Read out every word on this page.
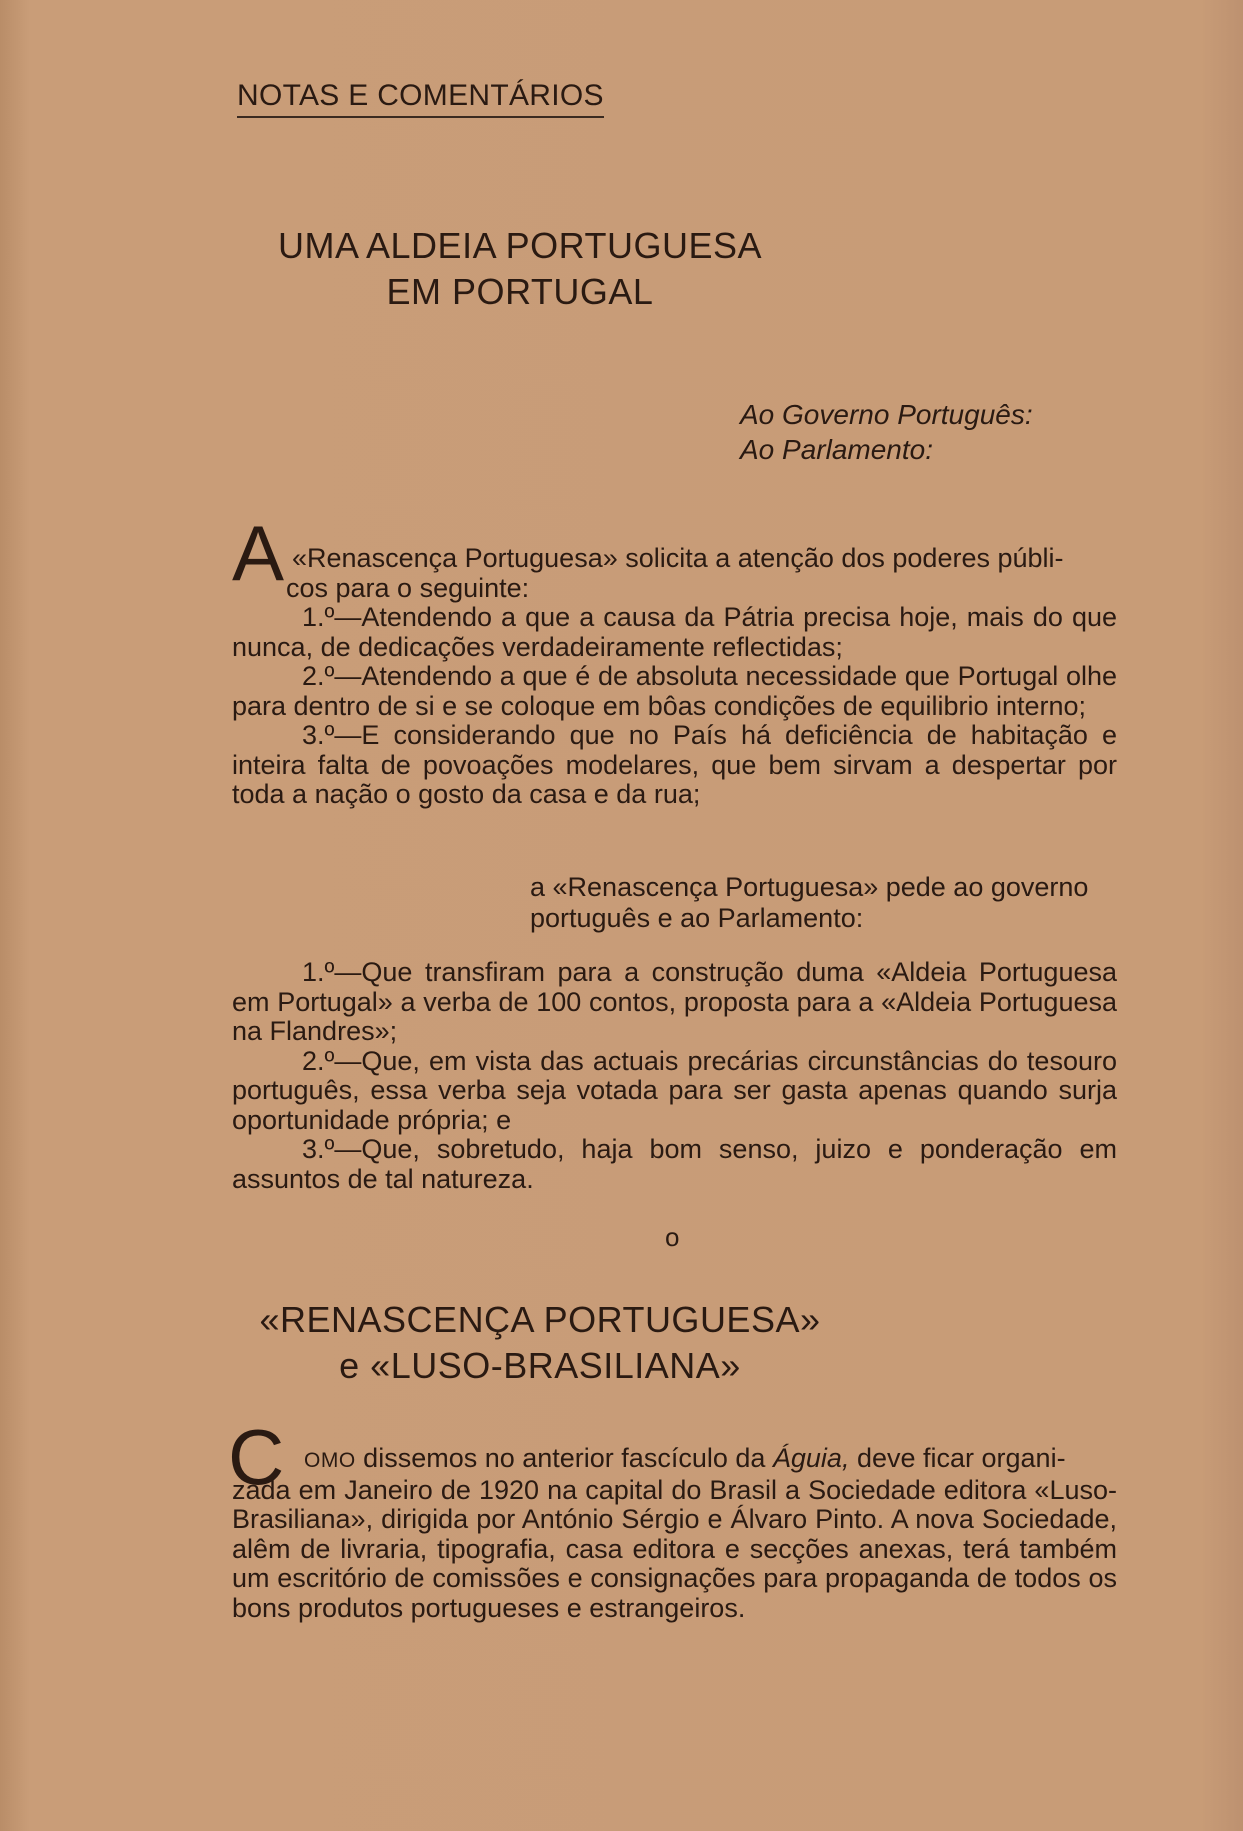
NOTAS E COMENTÁRIOS
UMA ALDEIA PORTUGUESA
EM PORTUGAL
Ao Governo Português:
Ao Parlamento:
A «Renascença Portuguesa» solicita a atenção dos poderes públi-

cos para o seguinte:

1.º—Atendendo a que a causa da Pátria precisa hoje, mais do que nunca, de dedicações verdadeiramente reflectidas;

2.º—Atendendo a que é de absoluta necessidade que Portugal olhe para dentro de si e se coloque em bôas condições de equilibrio interno;

3.º—E considerando que no País há deficiência de habitação e inteira falta de povoações modelares, que bem sirvam a despertar por toda a nação o gosto da casa e da rua;

a «Renascença Portuguesa» pede ao governo
português e ao Parlamento:

1.º—Que transfiram para a construção duma «Aldeia Portuguesa em Portugal» a verba de 100 contos, proposta para a «Aldeia Portuguesa na Flandres»;

2.º—Que, em vista das actuais precárias circunstâncias do tesouro português, essa verba seja votada para ser gasta apenas quando surja oportunidade própria; e

3.º—Que, sobretudo, haja bom senso, juizo e ponderação em assuntos de tal natureza.

o
«RENASCENÇA PORTUGUESA»
e «LUSO-BRASILIANA»
C OMO dissemos no anterior fascículo da Águia, deve ficar organi-

zada em Janeiro de 1920 na capital do Brasil a Sociedade editora «Luso-Brasiliana», dirigida por António Sérgio e Álvaro Pinto. A nova Sociedade, alêm de livraria, tipografia, casa editora e secções anexas, terá também um escritório de comissões e consignações para propaganda de todos os bons produtos portugueses e estrangeiros.
